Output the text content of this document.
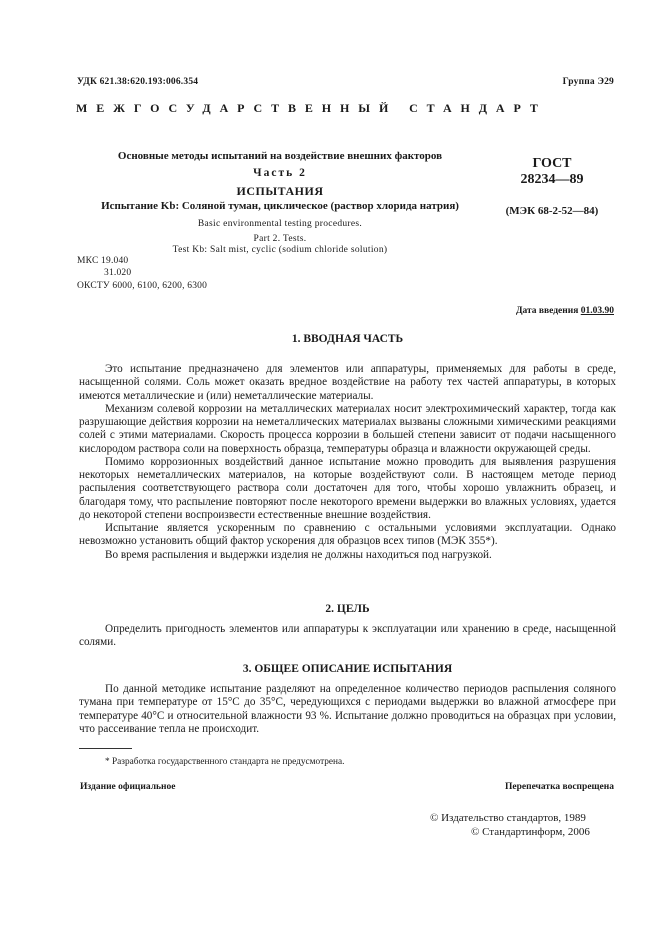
УДК 621.38:620.193:006.354	Группа Э29
МЕЖГОСУДАРСТВЕННЫЙ СТАНДАРТ
Основные методы испытаний на воздействие внешних факторов
Часть 2
ИСПЫТАНИЯ
Испытание Kb: Соляной туман, циклическое (раствор хлорида натрия)
Basic environmental testing procedures.
Part 2. Tests.
Test Kb: Salt mist, cyclic (sodium chloride solution)
ГОСТ
28234—89
(МЭК 68-2-52—84)
МКС 19.040
31.020
ОКСТУ 6000, 6100, 6200, 6300
Дата введения 01.03.90
1. ВВОДНАЯ ЧАСТЬ

Это испытание предназначено для элементов или аппаратуры, применяемых для работы в среде, насыщенной солями. Соль может оказать вредное воздействие на работу тех частей аппаратуры, в которых имеются металлические и (или) неметаллические материалы.

Механизм солевой коррозии на металлических материалах носит электрохимический характер, тогда как разрушающие действия коррозии на неметаллических материалах вызваны сложными химическими реакциями солей с этими материалами. Скорость процесса коррозии в большей степени зависит от подачи насыщенного кислородом раствора соли на поверхность образца, температуры образца и влажности окружающей среды.

Помимо коррозионных воздействий данное испытание можно проводить для выявления разрушения некоторых неметаллических материалов, на которые воздействуют соли. В настоящем методе период распыления соответствующего раствора соли достаточен для того, чтобы хорошо увлажнить образец, и благодаря тому, что распыление повторяют после некоторого времени выдержки во влажных условиях, удается до некоторой степени воспроизвести естественные внешние воздействия.

Испытание является ускоренным по сравнению с остальными условиями эксплуатации. Однако невозможно установить общий фактор ускорения для образцов всех типов (МЭК 355*).

Во время распыления и выдержки изделия не должны находиться под нагрузкой.

2. ЦЕЛЬ

Определить пригодность элементов или аппаратуры к эксплуатации или хранению в среде, насыщенной солями.

3. ОБЩЕЕ ОПИСАНИЕ ИСПЫТАНИЯ

По данной методике испытание разделяют на определенное количество периодов распыления соляного тумана при температуре от 15°С до 35°С, чередующихся с периодами выдержки во влажной атмосфере при температуре 40°С и относительной влажности 93 %. Испытание должно проводиться на образцах при условии, что рассеивание тепла не происходит.

* Разработка государственного стандарта не предусмотрена.
Издание официальное	Перепечатка воспрещена
© Издательство стандартов, 1989
© Стандартинформ, 2006
